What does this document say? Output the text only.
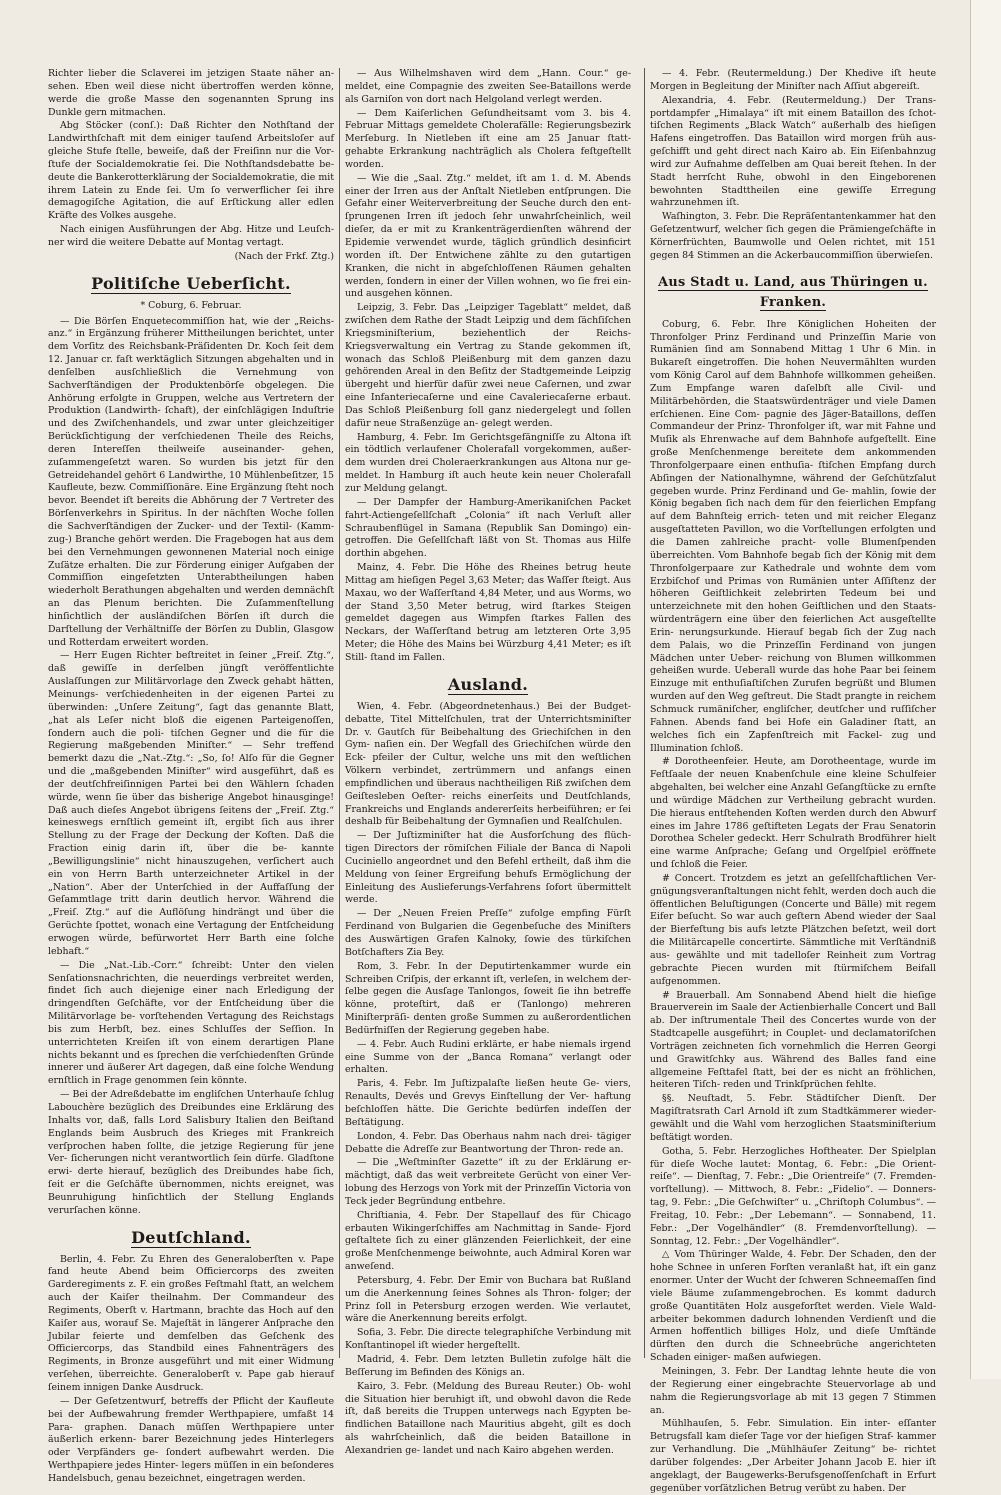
Richter lieber die Sclaverei im jetzigen Staate näher an- sehen. Eben weil diese nicht übertroffen werden könne, werde die große Masse den sogenannten Sprung ins Dunkle gern mitmachen.

Abg Stöcker (conſ.): Daß Richter den Nothſtand der Landwirthſchaft mit dem einiger tauſend Arbeitsloſer auf gleiche Stufe ſtelle, beweiſe, daß der Freiſinn nur die Vor- ſtufe der Socialdemokratie ſei. Die Nothſtandsdebatte be- deute die Bankerotterklärung der Socialdemokratie, die mit ihrem Latein zu Ende ſei. Um ſo verwerflicher ſei ihre demagogiſche Agitation, die auf Erſtickung aller edlen Kräfte des Volkes ausgehe.

Nach einigen Ausführungen der Abg. Hitze und Leuſch- ner wird die weitere Debatte auf Montag vertagt.

(Nach der Frkf. Ztg.)

Politiſche Ueberſicht.
* Coburg, 6. Februar.

— Die Börſen Enquetecommiſſion hat, wie der „Reichs- anz.“ in Ergänzung früherer Mittheilungen berichtet, unter dem Vorſitz des Reichsbank-Präſidenten Dr. Koch ſeit dem 12. Januar cr. faſt werktäglich Sitzungen abgehalten und in denſelben ausſchließlich die Vernehmung von Sachverſtändigen der Produktenbörſe obgelegen. Die Anhörung erfolgte in Gruppen, welche aus Vertretern der Produktion (Landwirth- ſchaft), der einſchlägigen Induſtrie und des Zwiſchenhandels, und zwar unter gleichzeitiger Berückſichtigung der verſchiedenen Theile des Reichs, deren Intereſſen theilweiſe auseinander- gehen, zuſammengeſetzt waren. So wurden bis jetzt für den Getreidehandel gehört 6 Landwirthe, 10 Mühlenbeſitzer, 15 Kaufleute, bezw. Commiſſionäre. Eine Ergänzung ſteht noch bevor. Beendet iſt bereits die Abhörung der 7 Vertreter des Börſenverkehrs in Spiritus. In der nächſten Woche ſollen die Sachverſtändigen der Zucker- und der Textil- (Kamm- zug-) Branche gehört werden. Die Fragebogen hat aus dem bei den Vernehmungen gewonnenen Material noch einige Zuſätze erhalten. Die zur Förderung einiger Aufgaben der Commiſſion eingeſetzten Unterabtheilungen haben wiederholt Berathungen abgehalten und werden demnächſt an das Plenum berichten. Die Zuſammenſtellung hinſichtlich der ausländiſchen Börſen iſt durch die Darſtellung der Verhältniſſe der Börſen zu Dublin, Glasgow und Rotterdam erweitert worden.

— Herr Eugen Richter beſtreitet in ſeiner „Freiſ. Ztg.“, daß gewiſſe in derſelben jüngſt veröffentlichte Auslaſſungen zur Militärvorlage den Zweck gehabt hätten, Meinungs- verſchiedenheiten in der eigenen Partei zu überwinden: „Unſere Zeitung“, ſagt das genannte Blatt, „hat als Leſer nicht bloß die eigenen Parteigenoſſen, ſondern auch die poli- tiſchen Gegner und die für die Regierung maßgebenden Miniſter.“ — Sehr treffend bemerkt dazu die „Nat.-Ztg.“: „So, ſo! Alſo für die Gegner und die „maßgebenden Miniſter“ wird ausgeführt, daß es der deutſchfreiſinnigen Partei bei den Wählern ſchaden würde, wenn ſie über das bisherige Angebot hinausginge! Daß auch dieſes Angebot übrigens ſeitens der „Freiſ. Ztg.“ keineswegs ernſtlich gemeint iſt, ergibt ſich aus ihrer Stellung zu der Frage der Deckung der Koſten. Daß die Fraction einig darin iſt, über die be- kannte „Bewilligungslinie“ nicht hinauszugehen, verſichert auch ein von Herrn Barth unterzeichneter Artikel in der „Nation“. Aber der Unterſchied in der Auffaſſung der Geſammtlage tritt darin deutlich hervor. Während die „Freiſ. Ztg.“ auf die Auflöſung hindrängt und über die Gerüchte ſpottet, wonach eine Vertagung der Entſcheidung erwogen würde, befürwortet Herr Barth eine ſolche lebhaft.“

— Die „Nat.-Lib.-Corr.“ ſchreibt: Unter den vielen Senſationsnachrichten, die neuerdings verbreitet werden, findet ſich auch diejenige einer nach Erledigung der dringendſten Geſchäfte, vor der Entſcheidung über die Militärvorlage be- vorſtehenden Vertagung des Reichstags bis zum Herbſt, bez. eines Schluſſes der Seſſion. In unterrichteten Kreiſen iſt von einem derartigen Plane nichts bekannt und es ſprechen die verſchiedenſten Gründe innerer und äußerer Art dagegen, daß eine ſolche Wendung ernſtlich in Frage genommen ſein könnte.

— Bei der Adreßdebatte im engliſchen Unterhauſe ſchlug Labouchère bezüglich des Dreibundes eine Erklärung des Inhalts vor, daß, falls Lord Salisbury Italien den Beiſtand Englands beim Ausbruch des Krieges mit Frankreich verſprochen haben ſollte, die jetzige Regierung für jene Ver- ſicherungen nicht verantwortlich ſein dürfe. Gladſtone erwi- derte hierauf, bezüglich des Dreibundes habe ſich, ſeit er die Geſchäfte übernommen, nichts ereignet, was Beunruhigung hinſichtlich der Stellung Englands verurſachen könne.

Deutſchland.

Berlin, 4. Febr. Zu Ehren des Generaloberſten v. Pape fand heute Abend beim Officiercorps des zweiten Garderegiments z. F. ein großes Feſtmahl ſtatt, an welchem auch der Kaiſer theilnahm. Der Commandeur des Regiments, Oberſt v. Hartmann, brachte das Hoch auf den Kaiſer aus, worauf Se. Majeſtät in längerer Anſprache den Jubilar feierte und demſelben das Geſchenk des Officiercorps, das Standbild eines Fahnenträgers des Regiments, in Bronze ausgeführt und mit einer Widmung verſehen, überreichte. Generaloberſt v. Pape gab hierauf ſeinem innigen Danke Ausdruck.

— Der Geſetzentwurf, betreffs der Pflicht der Kaufleute bei der Aufbewahrung fremder Werthpapiere, umfaßt 14 Para- graphen. Danach müſſen Werthpapiere unter äußerlich erkenn- barer Bezeichnung jedes Hinterlegers oder Verpfänders ge- ſondert aufbewahrt werden. Die Werthpapiere jedes Hinter- legers müſſen in ein beſonderes Handelsbuch, genau bezeichnet, eingetragen werden.

— Aus Wilhelmshaven wird dem „Hann. Cour.“ ge- meldet, eine Compagnie des zweiten See-Bataillons werde als Garniſon von dort nach Helgoland verlegt werden.

— Dem Kaiſerlichen Geſundheitsamt vom 3. bis 4. Februar Mittags gemeldete Cholerafälle: Regierungsbezirk Merſeburg. In Nietleben iſt eine am 25 Januar ſtatt- gehabte Erkrankung nachträglich als Cholera feſtgeſtellt worden.

— Wie die „Saal. Ztg.“ meldet, iſt am 1. d. M. Abends einer der Irren aus der Anſtalt Nietleben entſprungen. Die Gefahr einer Weiterverbreitung der Seuche durch den ent- ſprungenen Irren iſt jedoch ſehr unwahrſcheinlich, weil dieſer, da er mit zu Krankenträgerdienſten während der Epidemie verwendet wurde, täglich gründlich desinficirt worden iſt. Der Entwichene zählte zu den gutartigen Kranken, die nicht in abgeſchloſſenen Räumen gehalten werden, ſondern in einer der Villen wohnen, wo ſie frei ein- und ausgehen können.

Leipzig, 3. Febr. Das „Leipziger Tageblatt“ meldet, daß zwiſchen dem Rathe der Stadt Leipzig und dem ſächſiſchen Kriegsminiſterium, beziehentlich der Reichs-Kriegsverwaltung ein Vertrag zu Stande gekommen iſt, wonach das Schloß Pleißenburg mit dem ganzen dazu gehörenden Areal in den Beſitz der Stadtgemeinde Leipzig übergeht und hierfür dafür zwei neue Caſernen, und zwar eine Infanteriecaſerne und eine Cavaleriecaſerne erbaut. Das Schloß Pleißenburg ſoll ganz niedergelegt und ſollen dafür neue Straßenzüge an- gelegt werden.

Hamburg, 4. Febr. Im Gerichtsgefängniſſe zu Altona iſt ein tödtlich verlaufener Cholerafall vorgekommen, außer- dem wurden drei Choleraerkrankungen aus Altona nur ge- meldet. In Hamburg iſt auch heute kein neuer Cholerafall zur Meldung gelangt.

— Der Dampfer der Hamburg-Amerikaniſchen Packet fahrt-Actiengeſellſchaft „Colonia“ iſt nach Verluſt aller Schraubenflügel in Samana (Republik San Domingo) ein- getroffen. Die Geſellſchaft läßt von St. Thomas aus Hilfe dorthin abgehen.

Mainz, 4. Febr. Die Höhe des Rheines betrug heute Mittag am hieſigen Pegel 3,63 Meter; das Waſſer ſteigt. Aus Maxau, wo der Waſſerſtand 4,84 Meter, und aus Worms, wo der Stand 3,50 Meter betrug, wird ſtarkes Steigen gemeldet dagegen aus Wimpfen ſtarkes Fallen des Neckars, der Waſſerſtand betrug am letzteren Orte 3,95 Meter; die Höhe des Mains bei Würzburg 4,41 Meter; es iſt Still- ſtand im Fallen.

Ausland.

Wien, 4. Febr. (Abgeordnetenhaus.) Bei der Budget- debatte, Titel Mittelſchulen, trat der Unterrichtsminiſter Dr. v. Gautſch für Beibehaltung des Griechiſchen in den Gym- naſien ein. Der Wegfall des Griechiſchen würde den Eck- pfeiler der Cultur, welche uns mit den weſtlichen Völkern verbindet, zertrümmern und anfangs einen empfindlichen und überaus nachtheiligen Riß zwiſchen dem Geiſtesleben Oeſter- reichs einerſeits und Deutſchlands, Frankreichs und Englands andererſeits herbeiführen; er ſei deshalb für Beibehaltung der Gymnaſien und Realſchulen.

— Der Juſtizminiſter hat die Ausforſchung des flüch- tigen Directors der römiſchen Filiale der Banca di Napoli Cuciniello angeordnet und den Befehl ertheilt, daß ihm die Meldung von ſeiner Ergreifung behufs Ermöglichung der Einleitung des Auslieferungs-Verfahrens ſofort übermittelt werde.

— Der „Neuen Freien Preſſe“ zufolge empfing Fürſt Ferdinand von Bulgarien die Gegenbeſuche des Miniſters des Auswärtigen Grafen Kalnoky, ſowie des türkiſchen Botſchafters Zia Bey.

Rom, 3. Febr. In der Deputirtenkammer wurde ein Schreiben Criſpis, der erkannt iſt, verleſen, in welchem der- ſelbe gegen die Ausſage Tanlongos, ſoweit ſie ihn betreffe könne, proteſtirt, daß er (Tanlongo) mehreren Miniſterpräſi- denten große Summen zu außerordentlichen Bedürfniſſen der Regierung gegeben habe.

— 4. Febr. Auch Rudini erklärte, er habe niemals irgend eine Summe von der „Banca Romana“ verlangt oder erhalten.

Paris, 4. Febr. Im Juſtizpalaſte ließen heute Ge- viers, Renaults, Devés und Grevys Einſtellung der Ver- haftung beſchloſſen hätte. Die Gerichte bedürfen indeſſen der Beſtätigung.

London, 4. Febr. Das Oberhaus nahm nach drei- tägiger Debatte die Adreſſe zur Beantwortung der Thron- rede an.

— Die „Weſtminſter Gazette“ iſt zu der Erklärung er- mächtigt, daß das weit verbreitete Gerücht von einer Ver- lobung des Herzogs von York mit der Prinzeſſin Victoria von Teck jeder Begründung entbehre.

Chriſtiania, 4. Febr. Der Stapellauf des für Chicago erbauten Wikingerſchiffes am Nachmittag in Sande- Fjord geſtaltete ſich zu einer glänzenden Feierlichkeit, der eine große Menſchenmenge beiwohnte, auch Admiral Koren war anweſend.

Petersburg, 4. Febr. Der Emir von Buchara bat Rußland um die Anerkennung ſeines Sohnes als Thron- folger; der Prinz ſoll in Petersburg erzogen werden. Wie verlautet, wäre die Anerkennung bereits erfolgt.

Sofia, 3. Febr. Die directe telegraphiſche Verbindung mit Konſtantinopel iſt wieder hergeſtellt.

Madrid, 4. Febr. Dem letzten Bulletin zufolge hält die Beſſerung im Befinden des Königs an.

Kairo, 3. Febr. (Meldung des Bureau Reuter.) Ob- wohl die Situation hier beruhigt iſt, und obwohl davon die Rede iſt, daß bereits die Truppen unterwegs nach Egypten be- findlichen Bataillone nach Mauritius abgeht, gilt es doch als wahrſcheinlich, daß die beiden Bataillone in Alexandrien ge- landet und nach Kairo abgehen werden.

— 4. Febr. (Reutermeldung.) Der Khedive iſt heute Morgen in Begleitung der Miniſter nach Aſſiut abgereiſt.

Alexandria, 4. Febr. (Reutermeldung.) Der Trans- portdampfer „Himalaya“ iſt mit einem Bataillon des ſchot- tiſchen Regiments „Black Watch“ außerhalb des hieſigen Hafens eingetroffen. Das Bataillon wird morgen früh aus- geſchifft und geht direct nach Kairo ab. Ein Eiſenbahnzug wird zur Aufnahme deſſelben am Quai bereit ſtehen. In der Stadt herrſcht Ruhe, obwohl in den Eingeborenen bewohnten Stadttheilen eine gewiſſe Erregung wahrzunehmen iſt.

Waſhington, 3. Febr. Die Repräſentantenkammer hat den Geſetzentwurf, welcher ſich gegen die Prämiengeſchäfte in Körnerfrüchten, Baumwolle und Oelen richtet, mit 151 gegen 84 Stimmen an die Ackerbaucommiſſion überwieſen.

Aus Stadt u. Land, aus Thüringen u. Franken.

Coburg, 6. Febr. Ihre Königlichen Hoheiten der Thronfolger Prinz Ferdinand und Prinzeſſin Marie von Rumänien ſind am Sonnabend Mittag 1 Uhr 6 Min. in Bukareſt eingetroffen. Die hohen Neuvermählten wurden vom König Carol auf dem Bahnhofe willkommen geheißen. Zum Empfange waren daſelbſt alle Civil- und Militärbehörden, die Staatswürdenträger und viele Damen erſchienen. Eine Com- pagnie des Jäger-Bataillons, deſſen Commandeur der Prinz- Thronfolger iſt, war mit Fahne und Muſik als Ehrenwache auf dem Bahnhofe aufgeſtellt. Eine große Menſchenmenge bereitete dem ankommenden Thronfolgerpaare einen enthuſia- ſtiſchen Empfang durch Abſingen der Nationalhymne, während der Geſchützſalut gegeben wurde. Prinz Ferdinand und Ge- mahlin, ſowie der König begaben ſich nach dem für den feierlichen Empfang auf dem Bahnſteig errich- teten und mit reicher Eleganz ausgeſtatteten Pavillon, wo die Vorſtellungen erfolgten und die Damen zahlreiche pracht- volle Blumenſpenden überreichten. Vom Bahnhofe begab ſich der König mit dem Thronfolgerpaare zur Kathedrale und wohnte dem vom Erzbiſchof und Primas von Rumänien unter Aſſiſtenz der höheren Geiſtlichkeit zelebrirten Tedeum bei und unterzeichnete mit den hohen Geiſtlichen und den Staats- würdenträgern eine über den feierlichen Act ausgeſtellte Erin- nerungsurkunde. Hierauf begab ſich der Zug nach dem Palais, wo die Prinzeſſin Ferdinand von jungen Mädchen unter Ueber- reichung von Blumen willkommen geheißen wurde. Ueberall wurde das hohe Paar bei ſeinem Einzuge mit enthuſiaſtiſchen Zurufen begrüßt und Blumen wurden auf den Weg geſtreut. Die Stadt prangte in reichem Schmuck rumäniſcher, engliſcher, deutſcher und ruſſiſcher Fahnen. Abends fand bei Hofe ein Galadiner ſtatt, an welches ſich ein Zapfenſtreich mit Fackel- zug und Illumination ſchloß.

# Dorotheenfeier. Heute, am Dorotheentage, wurde im Feſtſaale der neuen Knabenſchule eine kleine Schulfeier abgehalten, bei welcher eine Anzahl Geſangſtücke zu ernſte und würdige Mädchen zur Vertheilung gebracht wurden. Die hieraus entſtehenden Koſten werden durch den Abwurf eines im Jahre 1786 geſtifteten Legats der Frau Senatorin Dorothea Scheler gedeckt. Herr Schulrath Brodführer hielt eine warme Anſprache; Geſang und Orgelſpiel eröffnete und ſchloß die Feier.

# Concert. Trotzdem es jetzt an geſellſchaftlichen Ver- gnügungsveranſtaltungen nicht fehlt, werden doch auch die öffentlichen Beluſtigungen (Concerte und Bälle) mit regem Eifer beſucht. So war auch geſtern Abend wieder der Saal der Bierfeſtung bis aufs letzte Plätzchen beſetzt, weil dort die Militärcapelle concertirte. Sämmtliche mit Verſtändniß aus- gewählte und mit tadelloſer Reinheit zum Vortrag gebrachte Piecen wurden mit ſtürmiſchem Beifall aufgenommen.

# Brauerball. Am Sonnabend Abend hielt die hieſige Brauerverein im Saale der Actienbierhalle Concert und Ball ab. Der inſtrumentale Theil des Concertes wurde von der Stadtcapelle ausgeführt; in Couplet- und declamatoriſchen Vorträgen zeichneten ſich vornehmlich die Herren Georgi und Grawitſchky aus. Während des Balles fand eine allgemeine Feſttafel ſtatt, bei der es nicht an fröhlichen, heiteren Tiſch- reden und Trinkſprüchen fehlte.

§§. Neuſtadt, 5. Febr. Städtiſcher Dienſt. Der Magiſtratsrath Carl Arnold iſt zum Stadtkämmerer wieder- gewählt und die Wahl vom herzoglichen Staatsminiſterium beſtätigt worden.

Gotha, 5. Febr. Herzogliches Hoftheater. Der Spielplan für dieſe Woche lautet: Montag, 6. Febr.: „Die Orient- reiſe“. — Dienſtag, 7. Febr.: „Die Orientreiſe“ (7. Fremden- vorſtellung). — Mittwoch, 8. Febr.: „Fidelio“. — Donners- tag, 9. Febr.: „Die Geſchwiſter“ u. „Chriſtoph Columbus“. — Freitag, 10. Febr.: „Der Lebemann“. — Sonnabend, 11. Febr.: „Der Vogelhändler“ (8. Fremdenvorſtellung). — Sonntag, 12. Febr.: „Der Vogelhändler“.

△ Vom Thüringer Walde, 4. Febr. Der Schaden, den der hohe Schnee in unſeren Forſten veranlaßt hat, iſt ein ganz enormer. Unter der Wucht der ſchweren Schneemaſſen ſind viele Bäume zuſammengebrochen. Es kommt dadurch große Quantitäten Holz ausgeforſtet werden. Viele Wald- arbeiter bekommen dadurch lohnenden Verdienſt und die Armen hoffentlich billiges Holz, und dieſe Umſtände dürften den durch die Schneebrüche angerichteten Schaden einiger- maßen aufwiegen.

Meiningen, 3. Febr. Der Landtag lehnte heute die von der Regierung einer eingebrachte Steuervorlage ab und nahm die Regierungsvorlage ab mit 13 gegen 7 Stimmen an.

Mühlhauſen, 5. Febr. Simulation. Ein inter- eſſanter Betrugsfall kam dieſer Tage vor der hieſigen Straf- kammer zur Verhandlung. Die „Mühlhäuſer Zeitung“ be- richtet darüber folgendes: „Der Arbeiter Johann Jacob E. hier iſt angeklagt, der Baugewerks-Berufsgenoſſenſchaft in Erfurt gegenüber vorſätzlichen Betrug verübt zu haben. Der
